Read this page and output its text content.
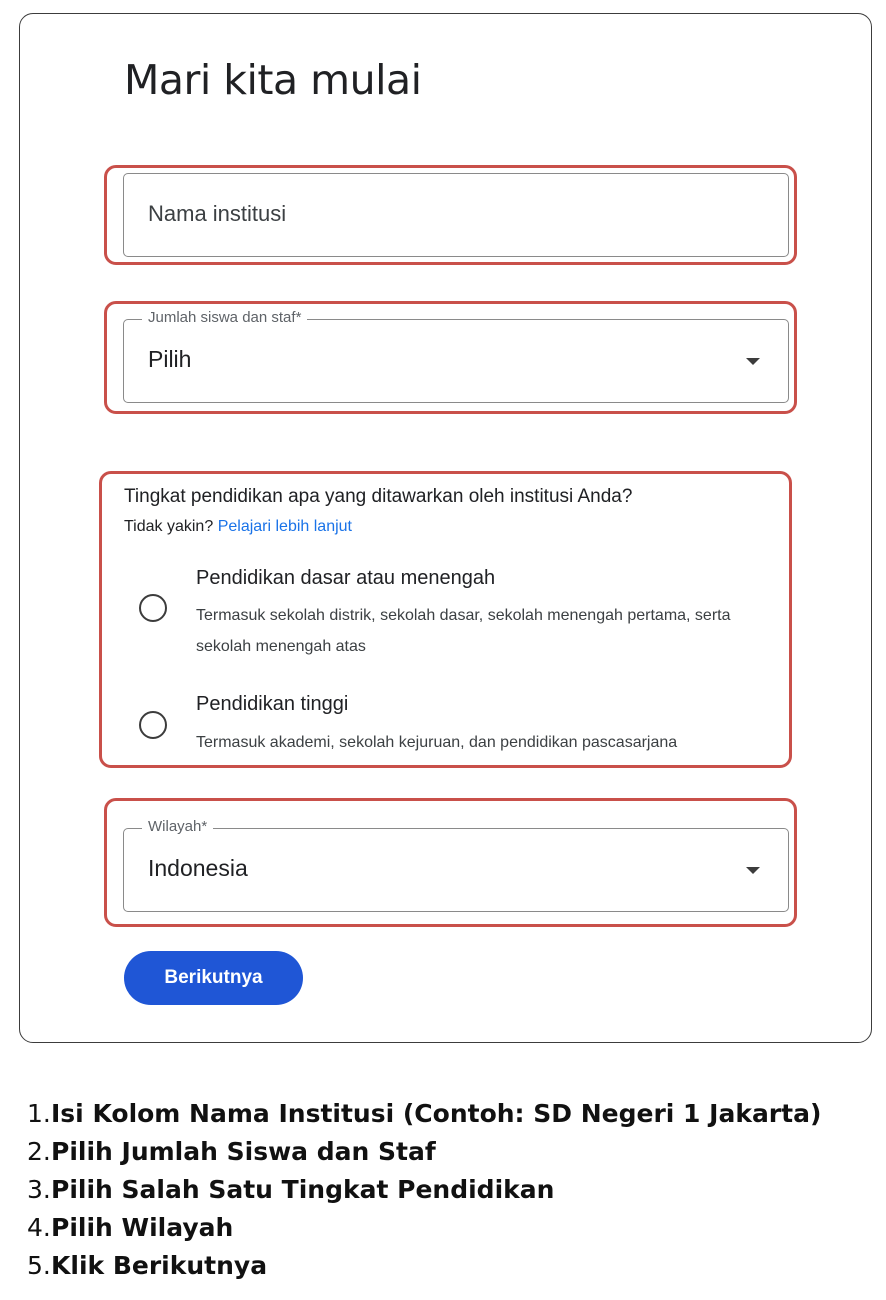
Mari kita mulai
Nama institusi
Jumlah siswa dan staf*
Pilih
Tingkat pendidikan apa yang ditawarkan oleh institusi Anda?
Tidak yakin? Pelajari lebih lanjut
Pendidikan dasar atau menengah
Termasuk sekolah distrik, sekolah dasar, sekolah menengah pertama, serta sekolah menengah atas
Pendidikan tinggi
Termasuk akademi, sekolah kejuruan, dan pendidikan pascasarjana
Wilayah*
Indonesia
Berikutnya
1. Isi Kolom Nama Institusi (Contoh: SD Negeri 1 Jakarta)
2. Pilih Jumlah Siswa dan Staf
3. Pilih Salah Satu Tingkat Pendidikan
4. Pilih Wilayah
5. Klik Berikutnya
